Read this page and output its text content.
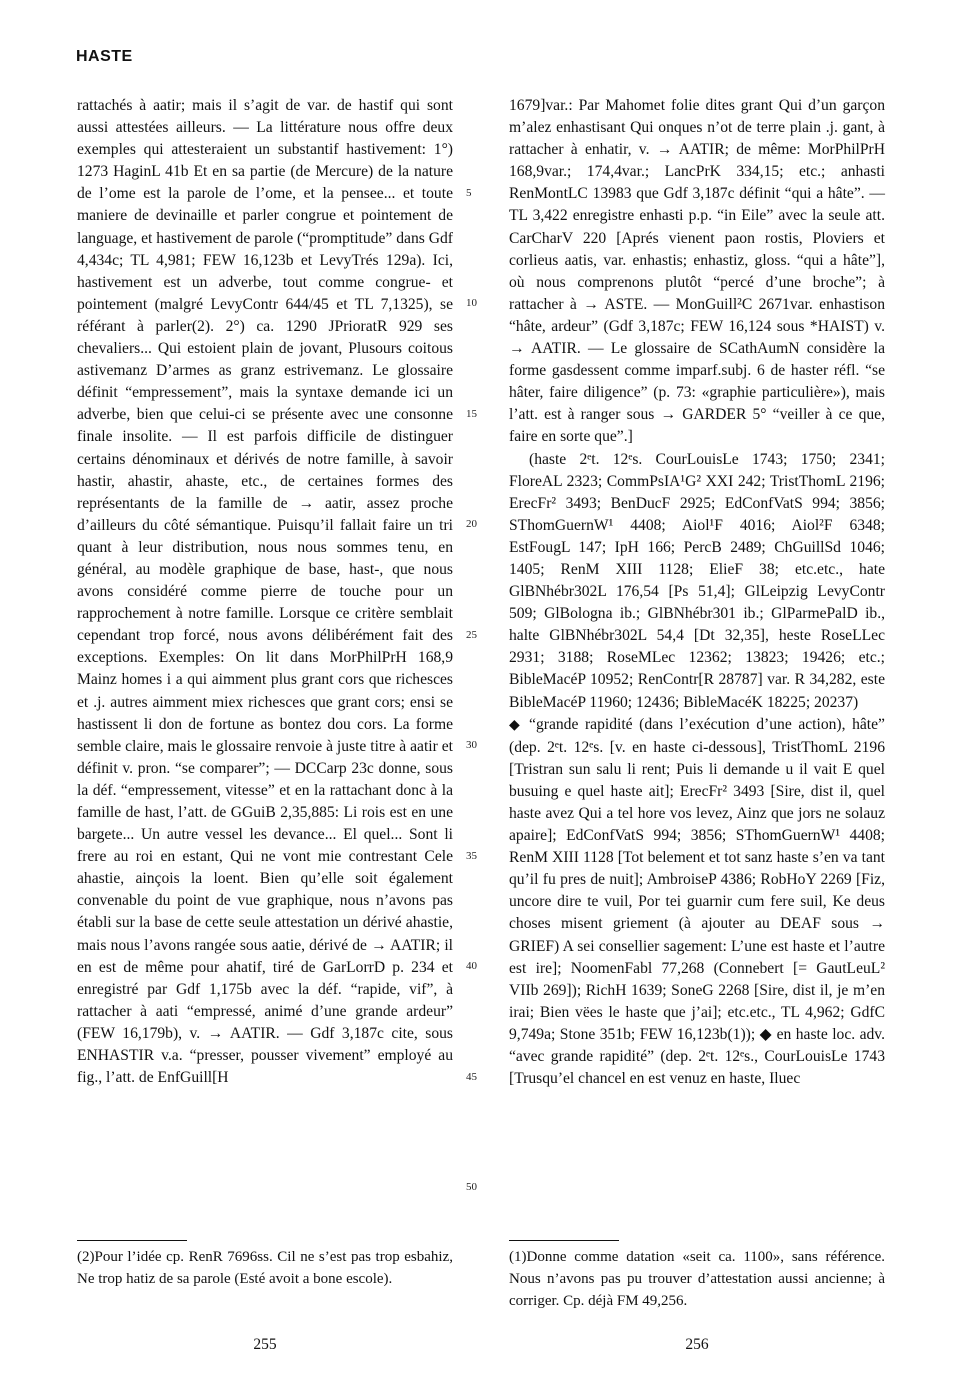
HASTE

rattachés à aatir; mais il s’agit de var. de hastif qui sont aussi attestées ailleurs. — La littérature nous offre deux exemples qui attesteraient un substantif hastivement: 1°) 1273 HaginL 41b Et en sa partie (de Mercure) de la nature de l’ome est la parole de l’ome, et la pensee... et toute maniere de devinaille et parler congrue et pointement de language, et hastivement de parole (“promptitude” dans Gdf 4,434c; TL 4,981; FEW 16,123b et LevyTrés 129a). Ici, hastivement est un adverbe, tout comme congrue- et pointement (malgré LevyContr 644/45 et TL 7,1325), se référant à parler(2). 2°) ca. 1290 JPrioratR 929 ses chevaliers... Qui estoient plain de jovant, Plusours coitous astivemanz D’armes as granz estrivemanz. Le glossaire définit “empressement”, mais la syntaxe demande ici un adverbe, bien que celui-ci se présente avec une consonne finale insolite. — Il est parfois difficile de distinguer certains dénominaux et dérivés de notre famille, à savoir hastir, ahastir, ahaste, etc., de certaines formes des représentants de la famille de → aatir, assez proche d’ailleurs du côté sémantique. Puisqu’il fallait faire un tri quant à leur distribution, nous nous sommes tenu, en général, au modèle graphique de base, hast-, que nous avons considéré comme pierre de touche pour un rapprochement à notre famille. Lorsque ce critère semblait cependant trop forcé, nous avons délibérément fait des exceptions. Exemples: On lit dans MorPhilPrH 168,9 Mainz homes i a qui aimment plus grant cors que richesces et .j. autres aimment miex richesces que grant cors; ensi se hastissent li don de fortune as bontez dou cors. La forme semble claire, mais le glossaire renvoie à juste titre à aatir et définit v. pron. “se comparer”; — DCCarp 23c donne, sous la déf. “empressement, vitesse” et en la rattachant donc à la famille de hast, l’att. de GGuiB 2,35,885: Li rois est en une bargete... Un autre vessel les devance... El quel... Sont li frere au roi en estant, Qui ne vont mie contrestant Cele ahastie, ainçois la loent. Bien qu’elle soit également convenable du point de vue graphique, nous n’avons pas établi sur la base de cette seule attestation un dérivé ahastie, mais nous l’avons rangée sous aatie, dérivé de → AATIR; il en est de même pour ahatif, tiré de GarLorrD p. 234 et enregistré par Gdf 1,175b avec la déf. “rapide, vif”, à rattacher à aati “empressé, animé d’une grande ardeur” (FEW 16,179b), v. → AATIR. — Gdf 3,187c cite, sous ENHASTIR v.a. “presser, pousser vivement” employé au fig., l’att. de EnfGuill[H

5
10
15
20
25
30
35
40
45
50

1679]var.: Par Mahomet folie dites grant Qui d’un garçon m’alez enhastisant Qui onques n’ot de terre plain .j. gant, à rattacher à enhatir, v. → AATIR; de même: MorPhilPrH 168,9var.; 174,4var.; LancPrK 334,15; etc.; anhasti RenMontLC 13983 que Gdf 3,187c définit “qui a hâte”. — TL 3,422 enregistre enhasti p.p. “in Eile” avec la seule att. CarCharV 220 [Aprés vienent paon rostis, Ploviers et corlieus aatis, var. enhastis; enhastiz, gloss. “qui a hâte”], où nous comprenons plutôt “percé d’une broche”; à rattacher à → ASTE. — MonGuill²C 2671var. enhastison “hâte, ardeur” (Gdf 3,187c; FEW 16,124 sous *HAIST) v. → AATIR. — Le glossaire de SCathAumN considère la forme gasdessent comme imparf.subj. 6 de haster réfl. “se hâter, faire diligence” (p. 73: «graphie particulière»), mais l’att. est à ranger sous → GARDER 5° “veiller à ce que, faire en sorte que”.]

(haste 2ᵉt. 12ᵉs. CourLouisLe 1743; 1750; 2341; FloreAL 2323; CommPsIA¹G² XXI 242; TristThomL 2196; ErecFr² 3493; BenDucF 2925; EdConfVatS 994; 3856; SThomGuernW¹ 4408; Aiol¹F 4016; Aiol²F 6348; EstFougL 147; IpH 166; PercB 2489; ChGuillSd 1046; 1405; RenM XIII 1128; ElieF 38; etc.etc., hate GlBNhébr302L 176,54 [Ps 51,4]; GlLeipzig LevyContr 509; GlBologna ib.; GlBNhébr301 ib.; GlParmePalD ib., halte GlBNhébr302L 54,4 [Dt 32,35], heste RoseLLec 2931; 3188; RoseMLec 12362; 13823; 19426; etc.; BibleMacéP 10952; RenContr[R 28787] var. R 34,282, este BibleMacéP 11960; 12436; BibleMacéK 18225; 20237)

◆ “grande rapidité (dans l’exécution d’une action), hâte” (dep. 2ᵉt. 12ᵉs. [v. en haste ci-dessous], TristThomL 2196 [Tristran sun salu li rent; Puis li demande u il vait E quel busuing e quel haste ait]; ErecFr² 3493 [Sire, dist il, quel haste avez Qui a tel hore vos levez, Ainz que jors ne solauz apaire]; EdConfVatS 994; 3856; SThomGuernW¹ 4408; RenM XIII 1128 [Tot belement et tot sanz haste s’en va tant qu’il fu pres de nuit]; AmbroiseP 4386; RobHoY 2269 [Fiz, uncore dire te vuil, Por tei guarnir cum fere suil, Ke deus choses misent griement (à ajouter au DEAF sous → GRIEF) A sei consellier sagement: L’une est haste et l’autre est ire]; NoomenFabl 77,268 (Connebert [= GautLeuL² VIIb 269]); RichH 1639; SoneG 2268 [Sire, dist il, je m’en irai; Bien vëes le haste que j’ai]; etc.etc., TL 4,962; GdfC 9,749a; Stone 351b; FEW 16,123b(1)); ◆ en haste loc. adv. “avec grande rapidité” (dep. 2ᵉt. 12ᵉs., CourLouisLe 1743 [Trusqu’el chancel en est venuz en haste, Iluec

(2)Pour l’idée cp. RenR 7696ss. Cil ne s’est pas trop esbahiz, Ne trop hatiz de sa parole (Esté avoit a bone escole).
255
(1)Donne comme datation «seit ca. 1100», sans référence. Nous n’avons pas pu trouver d’attestation aussi ancienne; à corriger. Cp. déjà FM 49,256.
256
